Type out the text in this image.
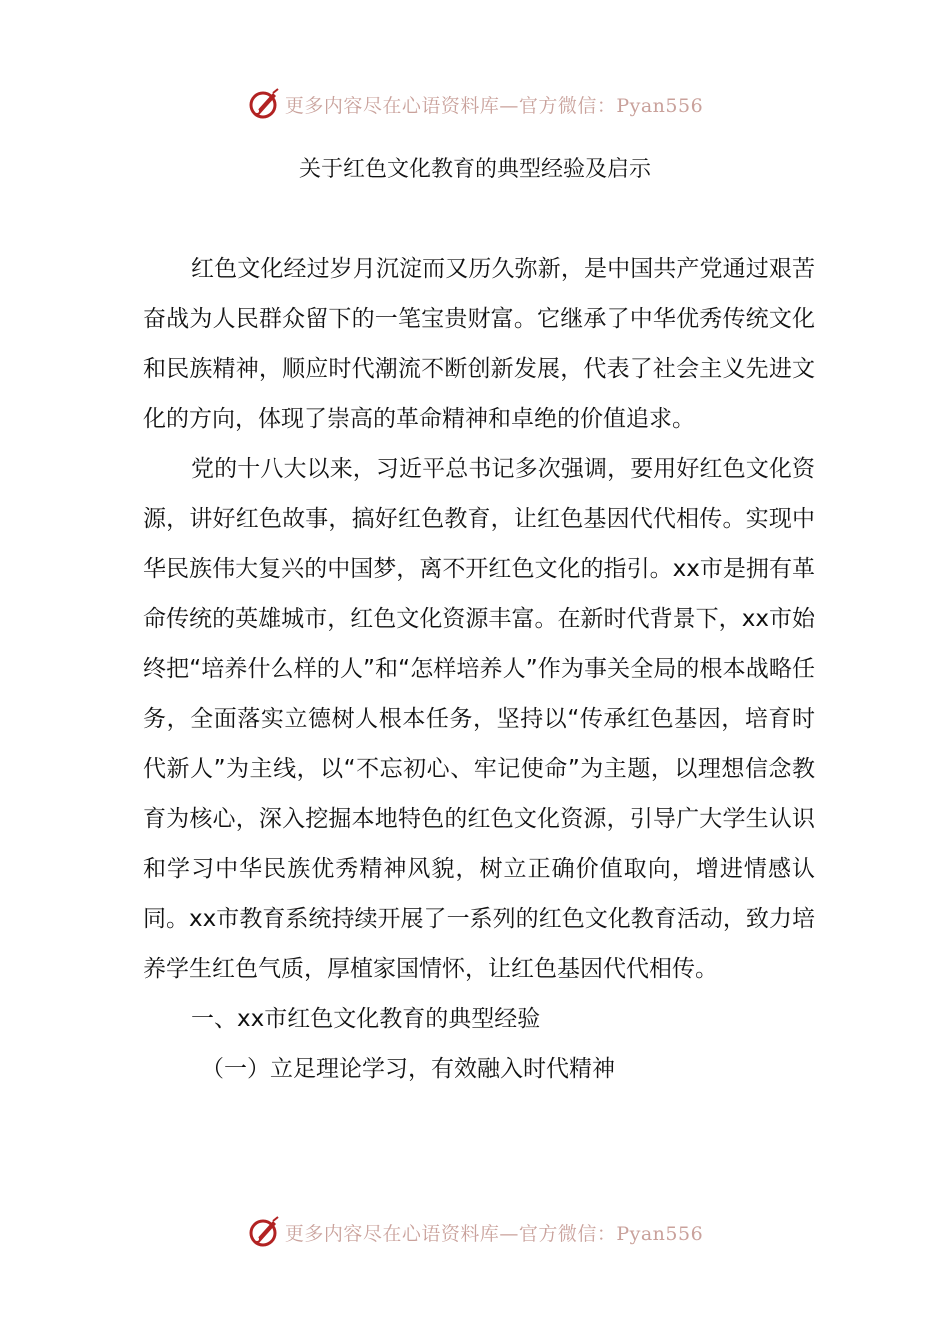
更多内容尽在心语资料库—官方微信：Pyan556
关于红色文化教育的典型经验及启示

红色文化经过岁月沉淀而又历久弥新，是中国共产党通过艰苦奋战为人民群众留下的一笔宝贵财富。它继承了中华优秀传统文化和民族精神，顺应时代潮流不断创新发展，代表了社会主义先进文化的方向，体现了崇高的革命精神和卓绝的价值追求。

党的十八大以来，习近平总书记多次强调，要用好红色文化资源，讲好红色故事，搞好红色教育，让红色基因代代相传。实现中华民族伟大复兴的中国梦，离不开红色文化的指引。xx市是拥有革命传统的英雄城市，红色文化资源丰富。在新时代背景下，xx市始终把“培养什么样的人”和“怎样培养人”作为事关全局的根本战略任务，全面落实立德树人根本任务，坚持以“传承红色基因，培育时代新人”为主线，以“不忘初心、牢记使命”为主题，以理想信念教育为核心，深入挖掘本地特色的红色文化资源，引导广大学生认识和学习中华民族优秀精神风貌，树立正确价值取向，增进情感认同。xx市教育系统持续开展了一系列的红色文化教育活动，致力培养学生红色气质，厚植家国情怀，让红色基因代代相传。

一、xx市红色文化教育的典型经验

（一）立足理论学习，有效融入时代精神

更多内容尽在心语资料库—官方微信：Pyan556
